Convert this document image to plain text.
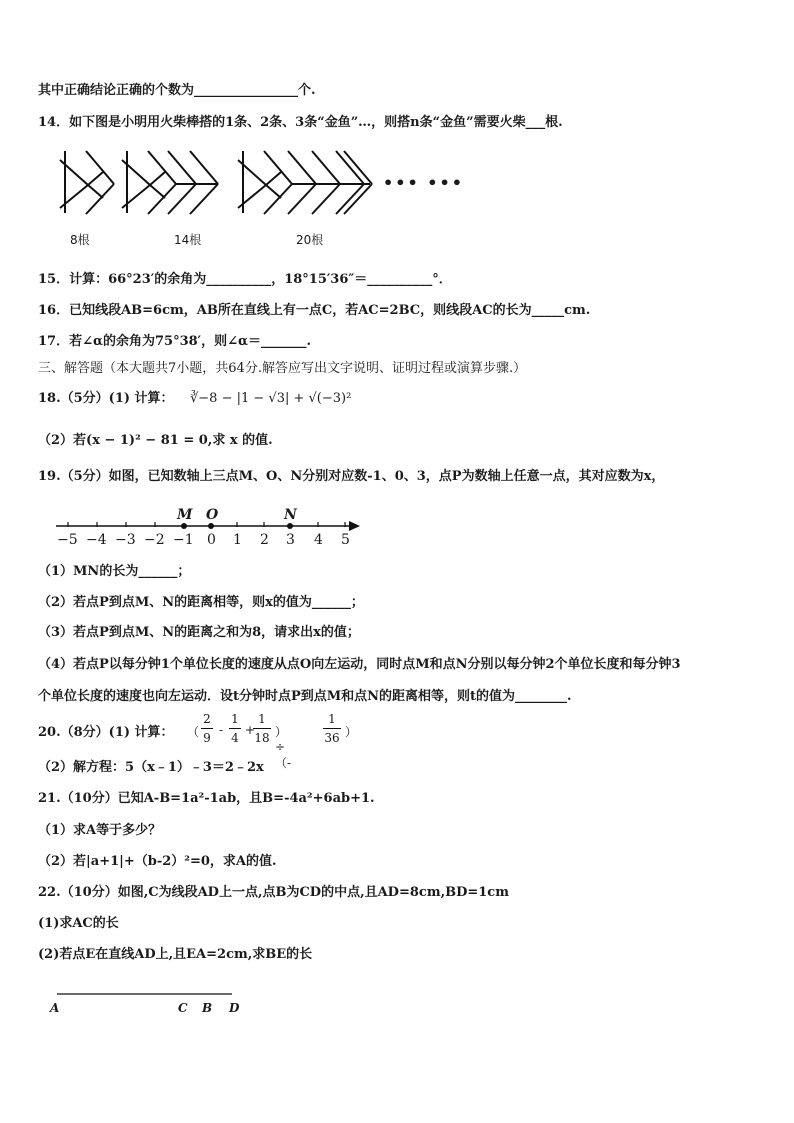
其中正确结论正确的个数为________________个.
14．如下图是小明用火柴棒搭的1条、2条、3条“金鱼”…，则搭n条“金鱼”需要火柴___根.
••• •••
8根	14根	20根
15．计算：66°23′的余角为__________，18°15′36″＝__________°．
16．已知线段AB=6cm，AB所在直线上有一点C，若AC=2BC，则线段AC的长为_____cm.
17．若∠α的余角为75°38′，则∠α＝_______.
三、解答题（本大题共7小题，共64分.解答应写出文字说明、证明过程或演算步骤.）
18.（5分）(1) 计算： ∛−8 − |1 − √3| + √(−3)²
（2）若(x − 1)² − 81 = 0,求 x 的值.
19.（5分）如图，已知数轴上三点M、O、N分别对应数-1、0、3，点P为数轴上任意一点，其对应数为x，
M O	N
−5 −4 −3 −2 −1 0 1 2 3 4 5
（1）MN的长为______；
（2）若点P到点M、N的距离相等，则x的值为______；
（3）若点P到点M、N的距离之和为8，请求出x的值；
（4）若点P以每分钟1个单位长度的速度从点O向左运动，同时点M和点N分别以每分钟2个单位长度和每分钟3
个单位长度的速度也向左运动．设t分钟时点P到点M和点N的距离相等，则t的值为________.
20.（8分）(1) 计算： （
2
9
-
1
4
+
1
18 ）÷（-
1
36 ）
（2）解方程：5（x﹣1）﹣3＝2﹣2x
21.（10分）已知A-B=1a²-1ab，且B=-4a²+6ab+1.
（1）求A等于多少？
（2）若|a+1|+（b-2）²=0，求A的值.
22.（10分）如图,C为线段AD上一点,点B为CD的中点,且AD=8cm,BD=1cm
(1)求AC的长
(2)若点E在直线AD上,且EA=2cm,求BE的长
A	C B D
